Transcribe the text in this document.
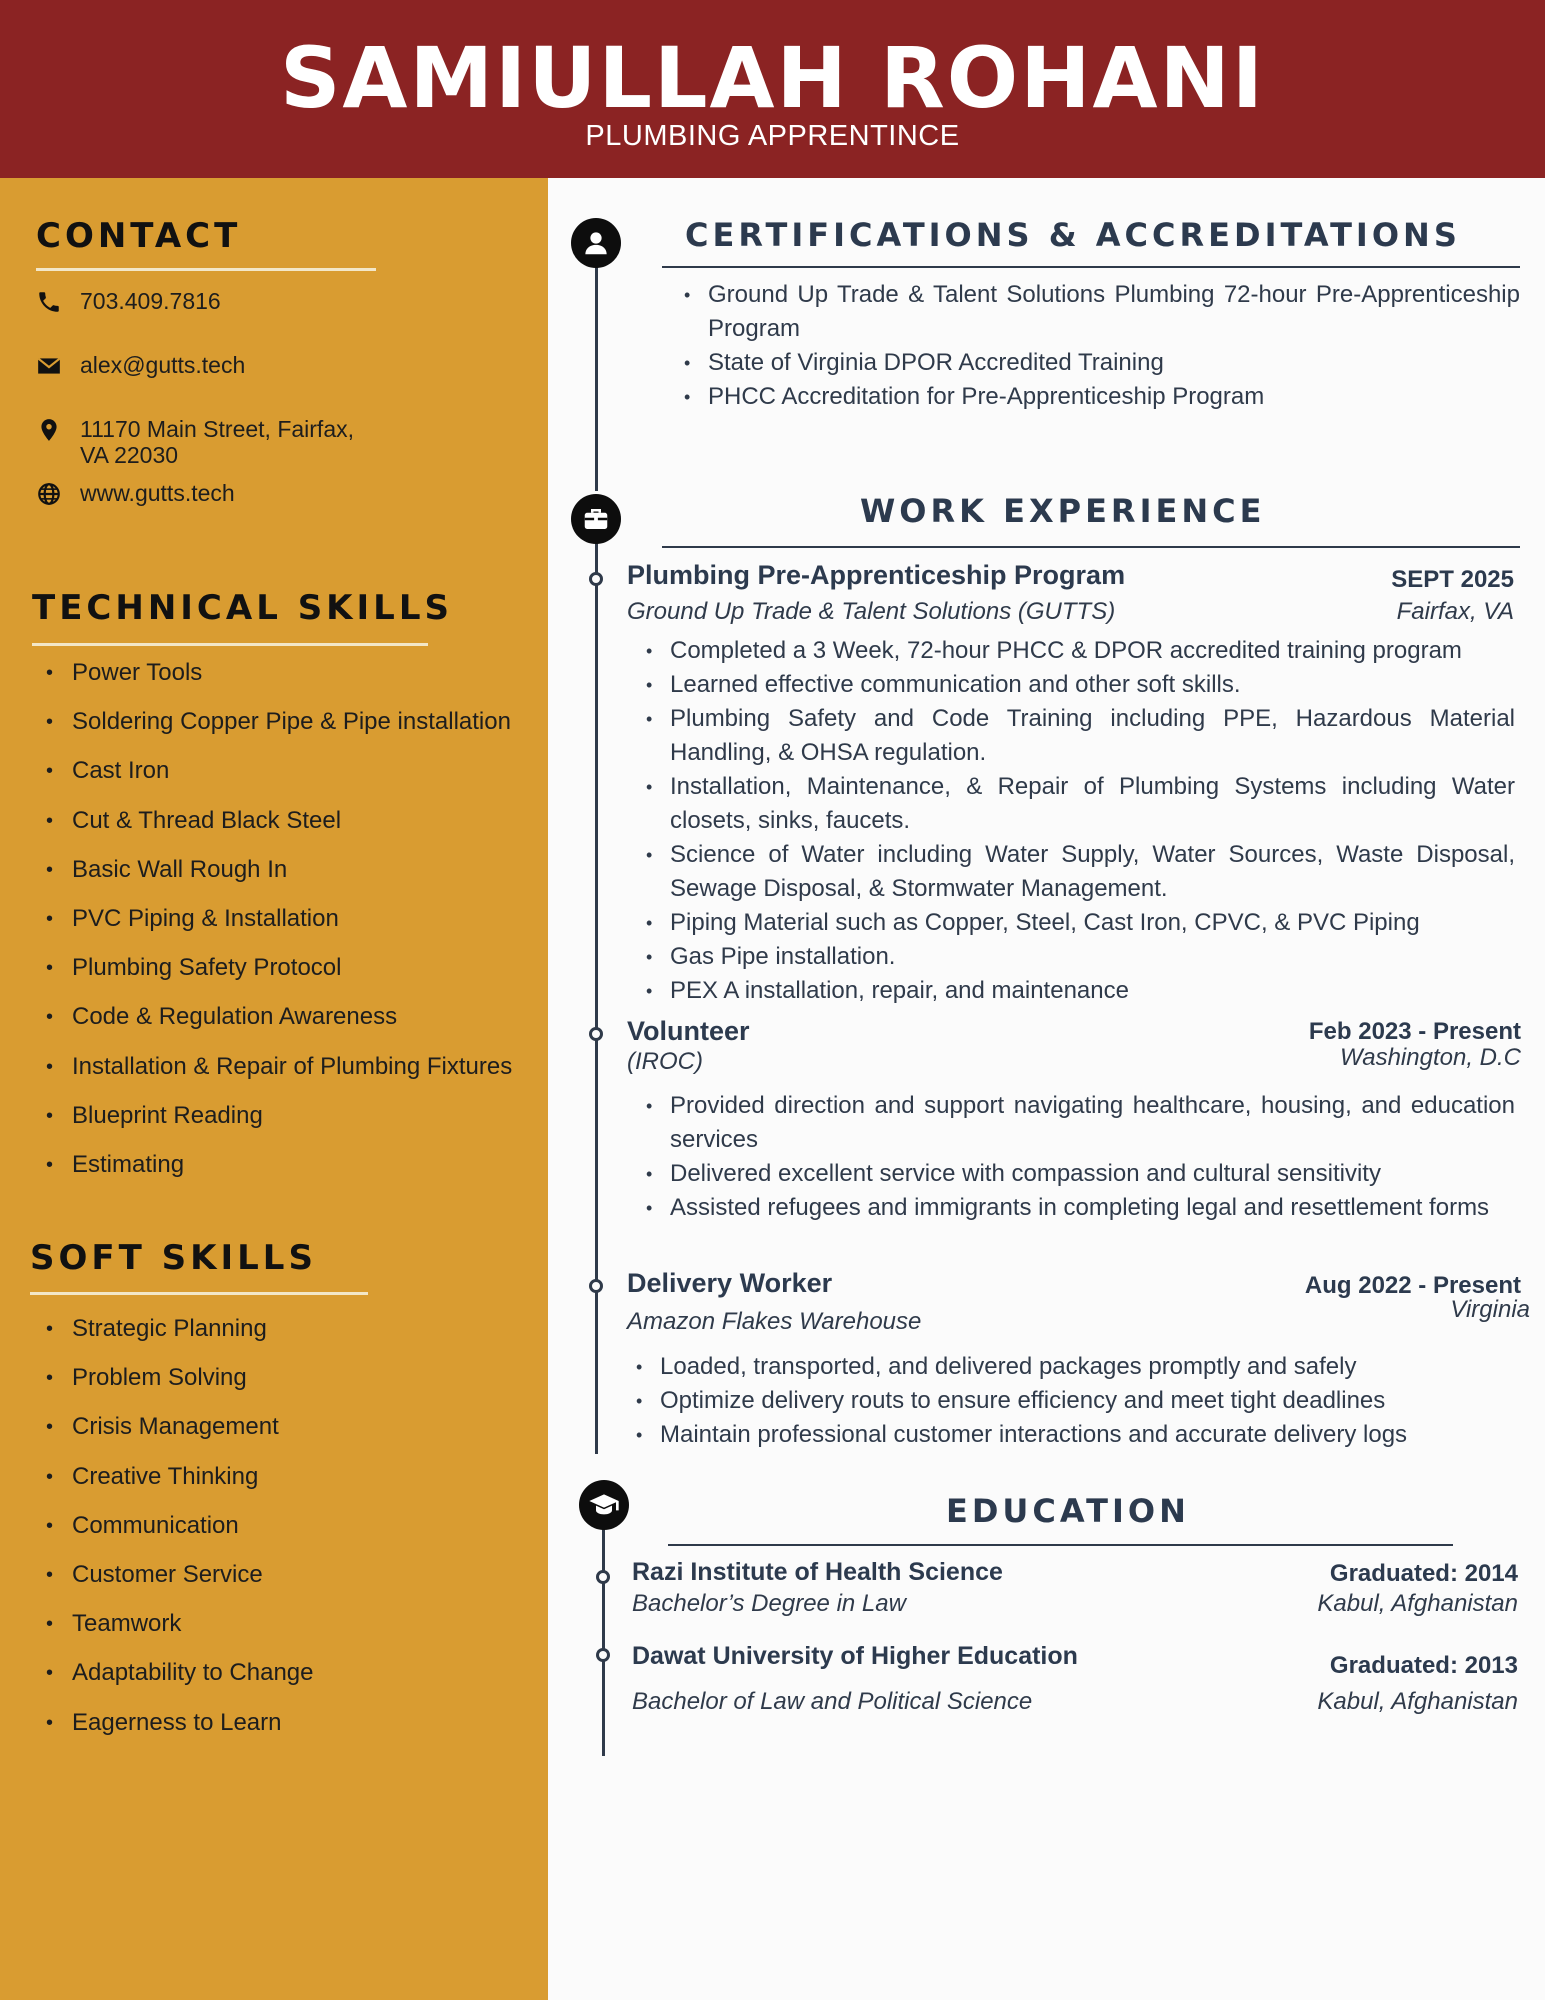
SAMIULLAH ROHANI
PLUMBING APPRENTINCE
CONTACT
703.409.7816
alex@gutts.tech
11170 Main Street, Fairfax,
VA 22030
www.gutts.tech
TECHNICAL SKILLS
• Power Tools
• Soldering Copper Pipe & Pipe installation
• Cast Iron
• Cut & Thread Black Steel
• Basic Wall Rough In
• PVC Piping & Installation
• Plumbing Safety Protocol
• Code & Regulation Awareness
• Installation & Repair of Plumbing Fixtures
• Blueprint Reading
• Estimating
SOFT SKILLS
• Strategic Planning
• Problem Solving
• Crisis Management
• Creative Thinking
• Communication
• Customer Service
• Teamwork
• Adaptability to Change
• Eagerness to Learn
CERTIFICATIONS & ACCREDITATIONS
• Ground Up Trade & Talent Solutions Plumbing 72-hour Pre-Apprenticeship Program
• State of Virginia DPOR Accredited Training
• PHCC Accreditation for Pre-Apprenticeship Program
WORK EXPERIENCE
Plumbing Pre-Apprenticeship Program	SEPT 2025
Ground Up Trade & Talent Solutions (GUTTS)	Fairfax, VA
• Completed a 3 Week, 72-hour PHCC & DPOR accredited training program
• Learned effective communication and other soft skills.
• Plumbing Safety and Code Training including PPE, Hazardous Material Handling, & OHSA regulation.
• Installation, Maintenance, & Repair of Plumbing Systems including Water closets, sinks, faucets.
• Science of Water including Water Supply, Water Sources, Waste Disposal, Sewage Disposal, & Stormwater Management.
• Piping Material such as Copper, Steel, Cast Iron, CPVC, & PVC Piping
• Gas Pipe installation.
• PEX A installation, repair, and maintenance
Volunteer	Feb 2023 - Present
(IROC)	Washington, D.C
• Provided direction and support navigating healthcare, housing, and education services
• Delivered excellent service with compassion and cultural sensitivity
• Assisted refugees and immigrants in completing legal and resettlement forms
Delivery Worker	Aug 2022 - Present
Amazon Flakes Warehouse	Virginia
• Loaded, transported, and delivered packages promptly and safely
• Optimize delivery routs to ensure efficiency and meet tight deadlines
• Maintain professional customer interactions and accurate delivery logs
EDUCATION
Razi Institute of Health Science	Graduated: 2014
Bachelor’s Degree in Law	Kabul, Afghanistan
Dawat University of Higher Education	Graduated: 2013
Bachelor of Law and Political Science	Kabul, Afghanistan
